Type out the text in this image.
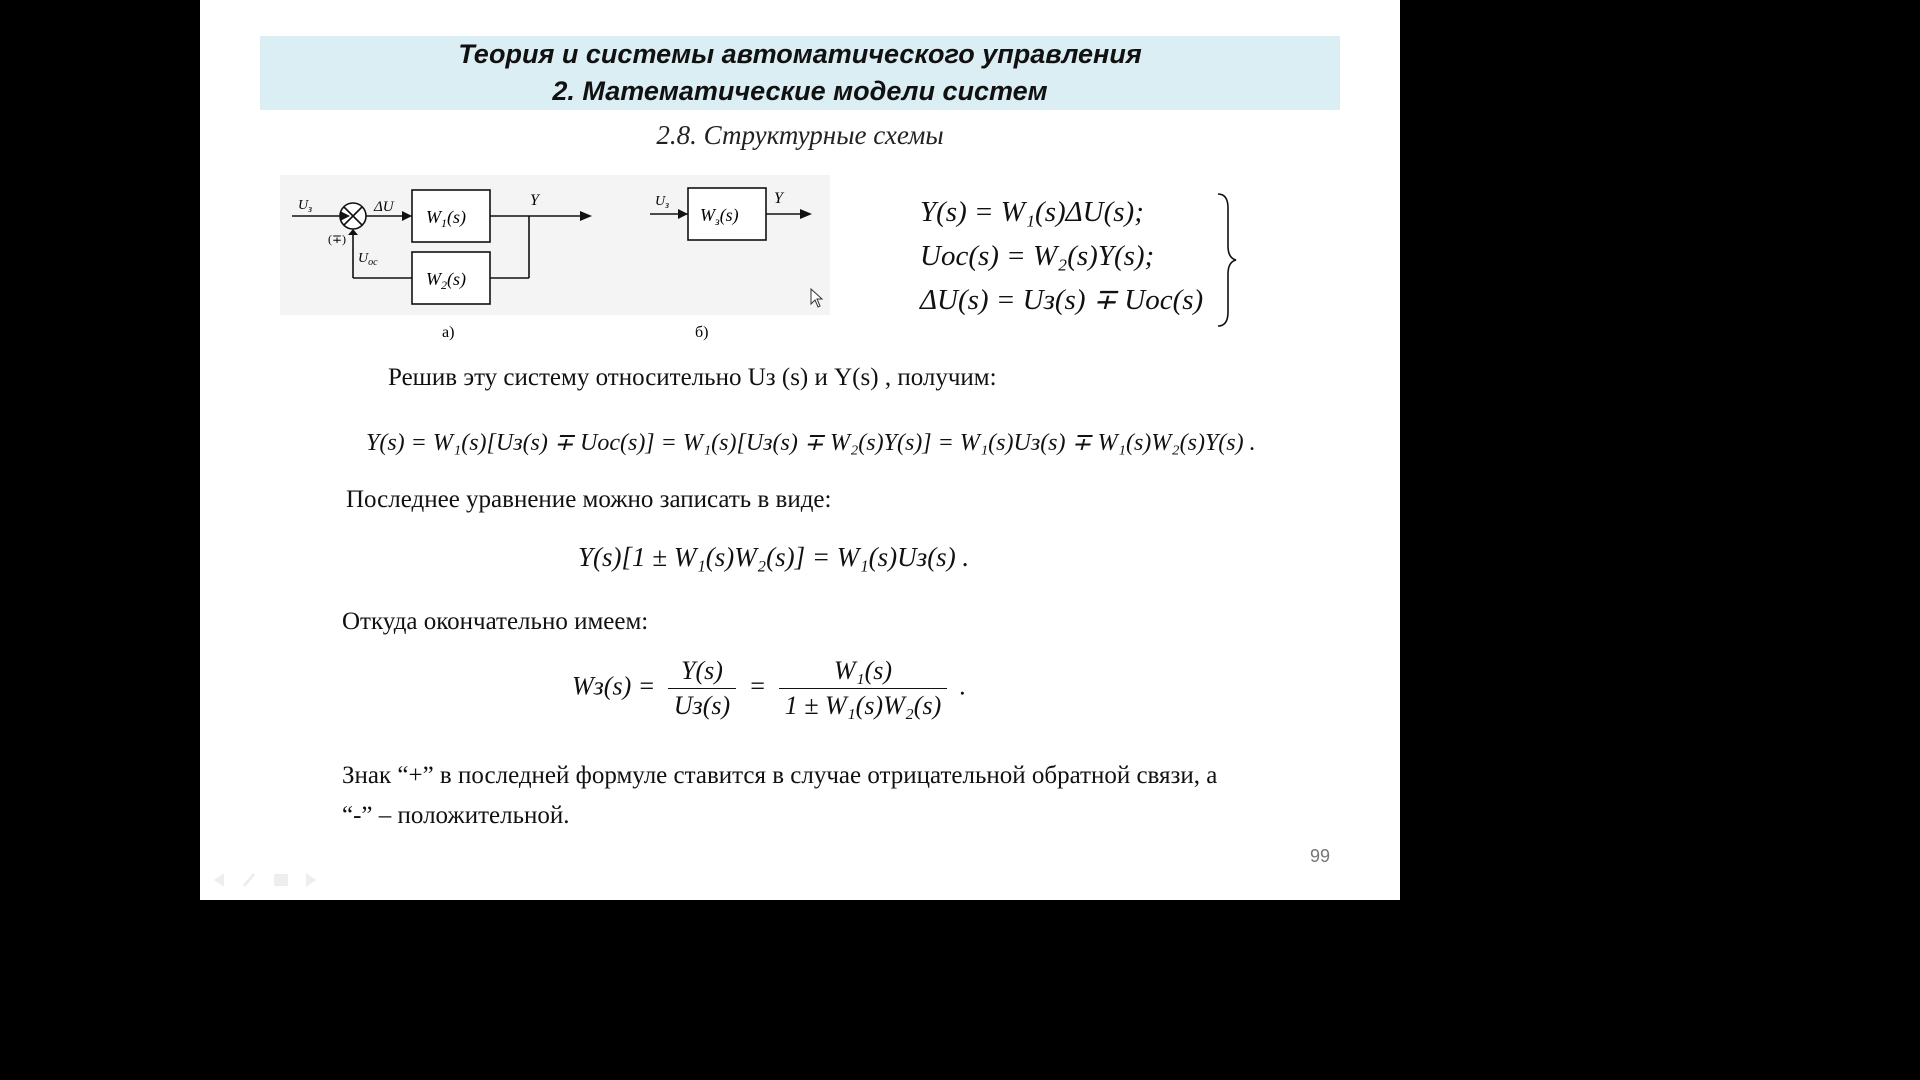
Теория и системы автоматического управления
2. Математические модели систем
2.8. Структурные схемы
$U_з$
(∓)
ΔU
$U_{oc}$
$W_1(s)$
$W_2(s)$
Y
а)
$U_з$ $W_з(s)$
Y
б)
Y(s) = W₁(s)ΔU(s);
Uoc(s) = W₂(s)Y(s);
ΔU(s) = Uз(s) ∓ Uoc(s)
Решив эту систему относительно Uз (s) и Y(s) , получим:
Y(s) = W₁(s)[Uз(s) ∓ Uoc(s)] = W₁(s)[Uз(s) ∓ W₂(s)Y(s)] = W₁(s)Uз(s) ∓ W₁(s)W₂(s)Y(s) .
Последнее уравнение можно записать в виде:
Y(s)[1 ± W₁(s)W₂(s)] = W₁(s)Uз(s) .
Откуда окончательно имеем:
$Wз(s) = \frac{Y(s)}{Uз(s)} = \frac{\text{W₁(s)}}{\text{1 ± W₁(s)W₂(s)}}$ .
Знак “+” в последней формуле ставится в случае отрицательной обратной связи, а
“-” – положительной.
99
